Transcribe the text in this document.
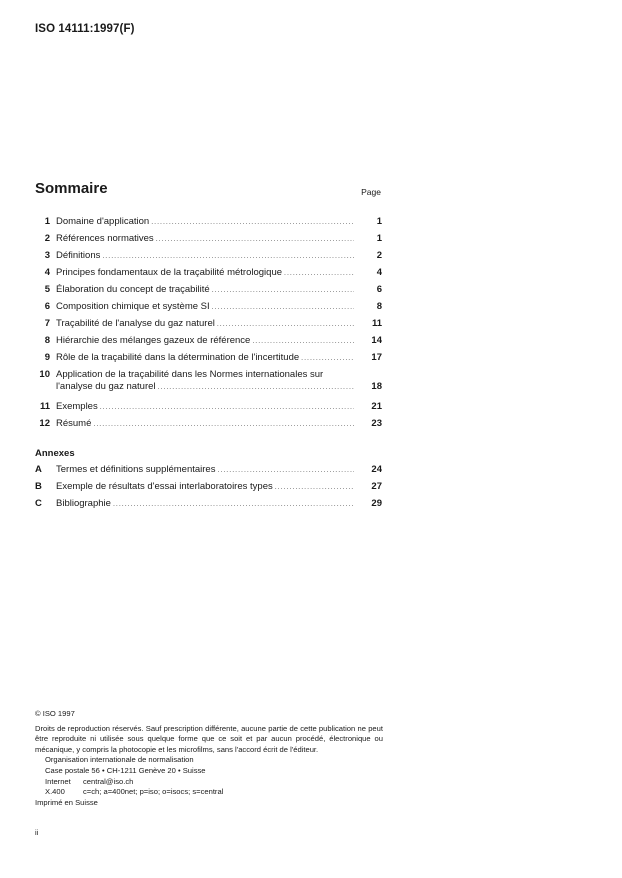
ISO 14111:1997(F)
Sommaire	Page
1 Domaine d'application .....	1
2 Références normatives .....	1
3 Définitions .....	2
4 Principes fondamentaux de la traçabilité métrologique .....	4
5 Élaboration du concept de traçabilité .....	6
6 Composition chimique et système SI .....	8
7 Traçabilité de l'analyse du gaz naturel .....	11
8 Hiérarchie des mélanges gazeux de référence .....	14
9 Rôle de la traçabilité dans la détermination de l'incertitude .....	17
10 Application de la traçabilité dans les Normes internationales sur
l'analyse du gaz naturel .....	18
11 Exemples .....	21
12 Résumé .....	23
Annexes
A	Termes et définitions supplémentaires .....	24
B	Exemple de résultats d'essai interlaboratoires types .....	27
C	Bibliographie .....	29
© ISO 1997
Droits de reproduction réservés. Sauf prescription différente, aucune partie de cette publication ne peut être reproduite ni utilisée sous quelque forme que ce soit et par aucun procédé, électronique ou mécanique, y compris la photocopie et les microfilms, sans l'accord écrit de l'éditeur.
Organisation internationale de normalisation
Case postale 56 • CH-1211 Genève 20 • Suisse
Internet	central@iso.ch
X.400	c=ch; a=400net; p=iso; o=isocs; s=central
Imprimé en Suisse
ii
